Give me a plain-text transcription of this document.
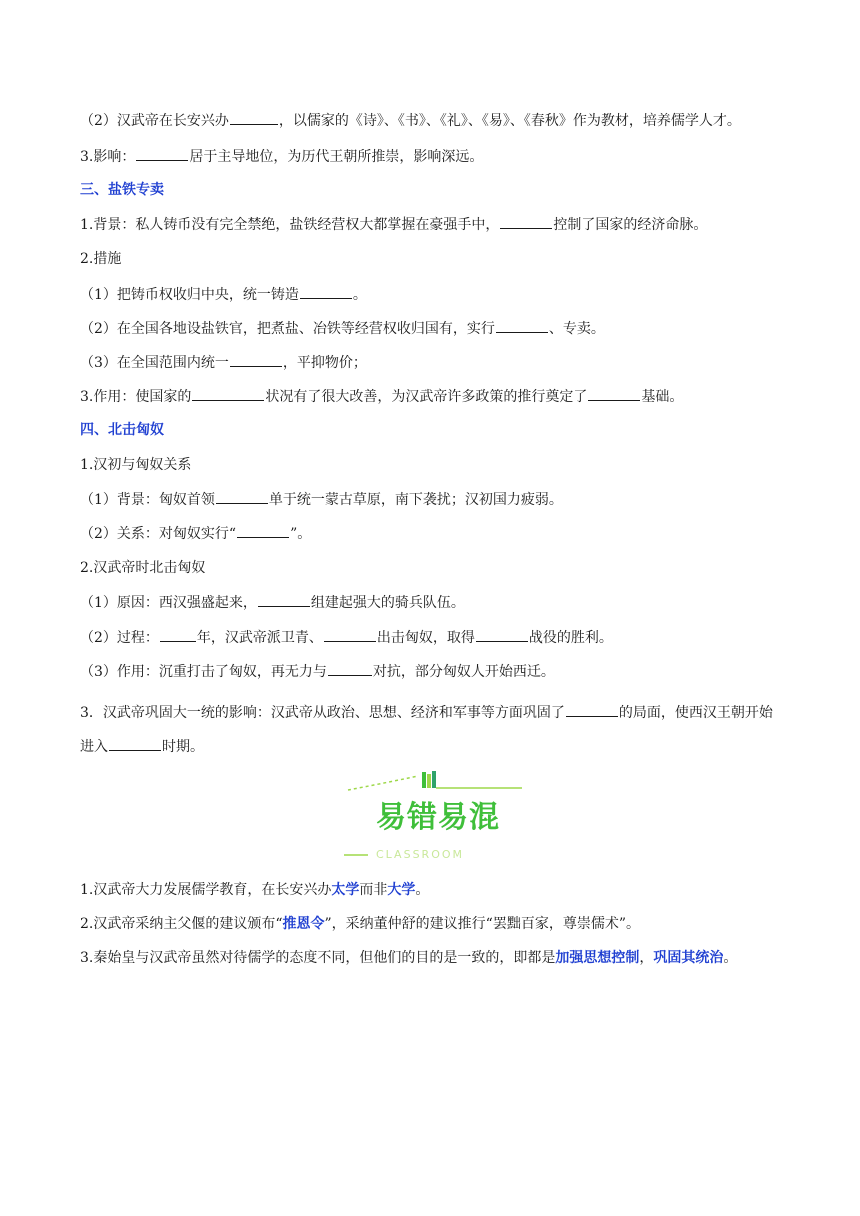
（2）汉武帝在长安兴办	，以儒家的《诗》、《书》、《礼》、《易》、《春秋》作为教材，培养儒学人才。
3.影响：	居于主导地位，为历代王朝所推崇，影响深远。
三、盐铁专卖
1.背景：私人铸币没有完全禁绝，盐铁经营权大都掌握在豪强手中，	控制了国家的经济命脉。
2.措施
（1）把铸币权收归中央，统一铸造	。
（2）在全国各地设盐铁官，把煮盐、冶铁等经营权收归国有，实行	、专卖。
（3）在全国范围内统一	，平抑物价；
3.作用：使国家的	状况有了很大改善，为汉武帝许多政策的推行奠定了	基础。
四、北击匈奴
1.汉初与匈奴关系
（1）背景：匈奴首领	单于统一蒙古草原，南下袭扰；汉初国力疲弱。
（2）关系：对匈奴实行“	”。
2.汉武帝时北击匈奴
（1）原因：西汉强盛起来，	组建起强大的骑兵队伍。
（2）过程：	年，汉武帝派卫青、	出击匈奴，取得	战役的胜利。
（3）作用：沉重打击了匈奴，再无力与	对抗，部分匈奴人开始西迁。
3．汉武帝巩固大一统的影响：汉武帝从政治、思想、经济和军事等方面巩固了	的局面，使西汉王朝开始进入	时期。
易错易混
CLASSROOM
1.汉武帝大力发展儒学教育，在长安兴办太学而非大学。
2.汉武帝采纳主父偃的建议颁布“推恩令”，采纳董仲舒的建议推行“罢黜百家，尊崇儒术”。
3.秦始皇与汉武帝虽然对待儒学的态度不同，但他们的目的是一致的，即都是加强思想控制，巩固其统治。
